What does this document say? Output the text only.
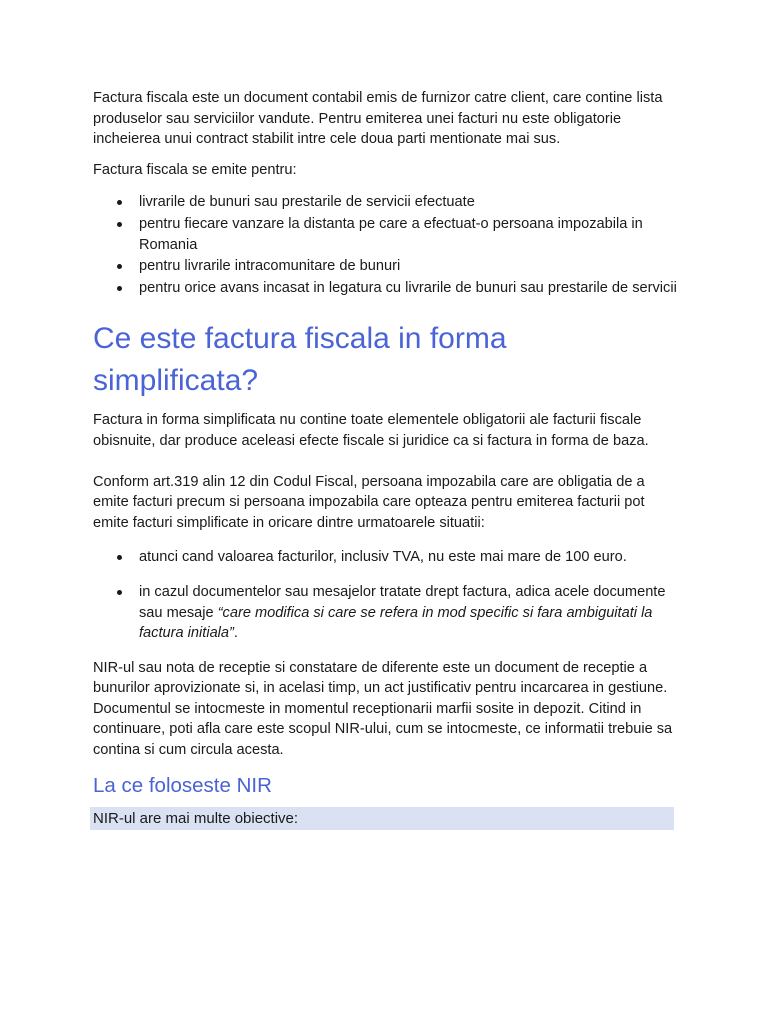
Factura fiscala este un document contabil emis de furnizor catre client, care contine lista produselor sau serviciilor vandute. Pentru emiterea unei facturi nu este obligatorie incheierea unui contract stabilit intre cele doua parti mentionate mai sus.

Factura fiscala se emite pentru:

livrarile de bunuri sau prestarile de servicii efectuate
pentru fiecare vanzare la distanta pe care a efectuat-o persoana impozabila in Romania
pentru livrarile intracomunitare de bunuri
pentru orice avans incasat in legatura cu livrarile de bunuri sau prestarile de servicii
Ce este factura fiscala in forma simplificata?

Factura in forma simplificata nu contine toate elementele obligatorii ale facturii fiscale obisnuite, dar produce aceleasi efecte fiscale si juridice ca si factura in forma de baza.

Conform art.319 alin 12 din Codul Fiscal, persoana impozabila care are obligatia de a emite facturi precum si persoana impozabila care opteaza pentru emiterea facturii pot emite facturi simplificate in oricare dintre urmatoarele situatii:

atunci cand valoarea facturilor, inclusiv TVA, nu este mai mare de 100 euro.
in cazul documentelor sau mesajelor tratate drept factura, adica acele documente sau mesaje “care modifica si care se refera in mod specific si fara ambiguitati la factura initiala”.

NIR-ul sau nota de receptie si constatare de diferente este un document de receptie a bunurilor aprovizionate si, in acelasi timp, un act justificativ pentru incarcarea in gestiune. Documentul se intocmeste in momentul receptionarii marfii sosite in depozit. Citind in continuare, poti afla care este scopul NIR-ului, cum se intocmeste, ce informatii trebuie sa contina si cum circula acesta.

La ce foloseste NIR
NIR-ul are mai multe obiective:
